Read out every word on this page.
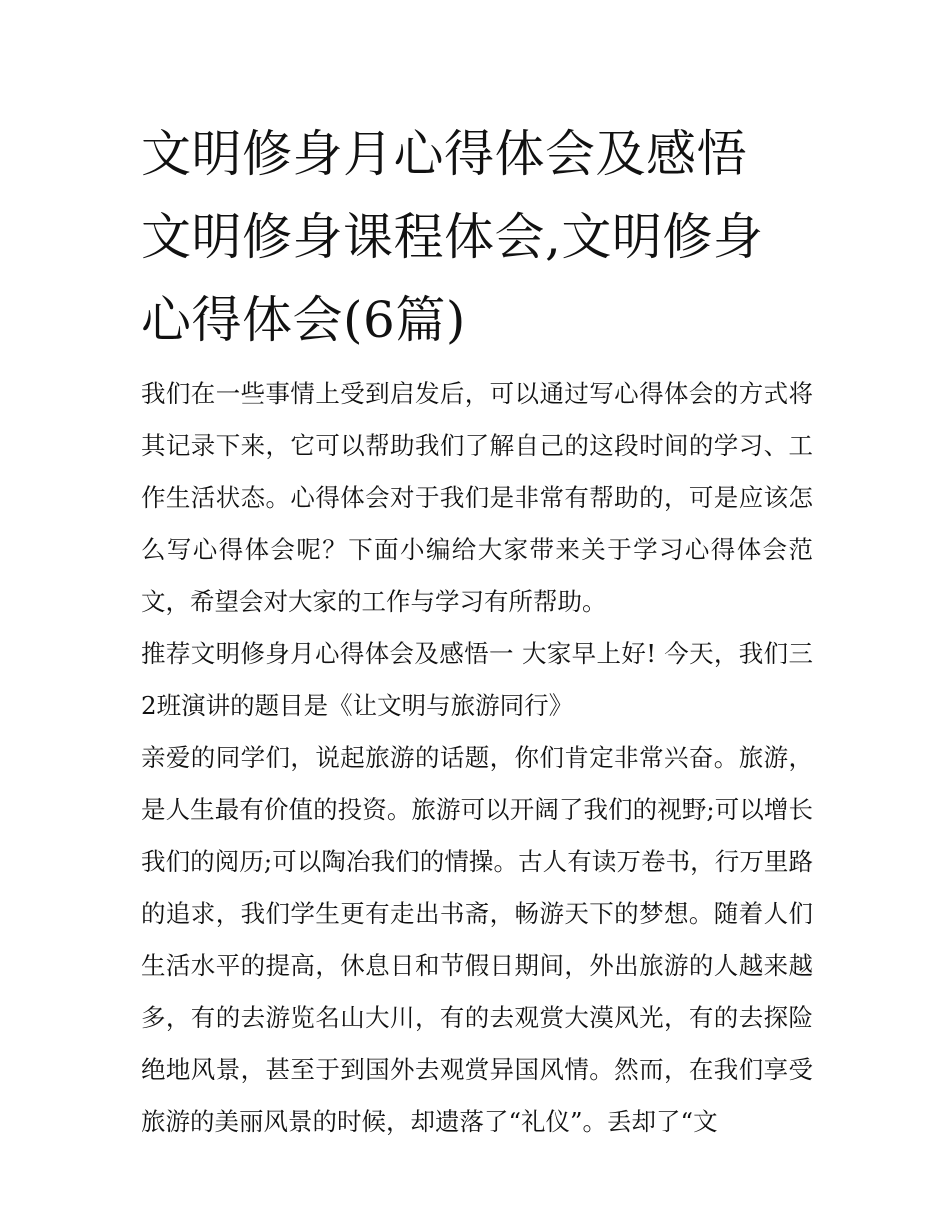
文明修身月心得体会及感悟 文明修身课程体会,文明修身心得体会(6篇)

我们在一些事情上受到启发后，可以通过写心得体会的方式将其记录下来，它可以帮助我们了解自己的这段时间的学习、工作生活状态。心得体会对于我们是非常有帮助的，可是应该怎么写心得体会呢？下面小编给大家带来关于学习心得体会范文，希望会对大家的工作与学习有所帮助。

推荐文明修身月心得体会及感悟一 大家早上好! 今天，我们三2班演讲的题目是《让文明与旅游同行》

亲爱的同学们，说起旅游的话题，你们肯定非常兴奋。旅游，是人生最有价值的投资。旅游可以开阔了我们的视野;可以增长我们的阅历;可以陶冶我们的情操。古人有读万卷书，行万里路的追求，我们学生更有走出书斋，畅游天下的梦想。随着人们生活水平的提高，休息日和节假日期间，外出旅游的人越来越多，有的去游览名山大川，有的去观赏大漠风光，有的去探险绝地风景，甚至于到国外去观赏异国风情。然而，在我们享受旅游的美丽风景的时候，却遗落了“礼仪”。丢却了“文
